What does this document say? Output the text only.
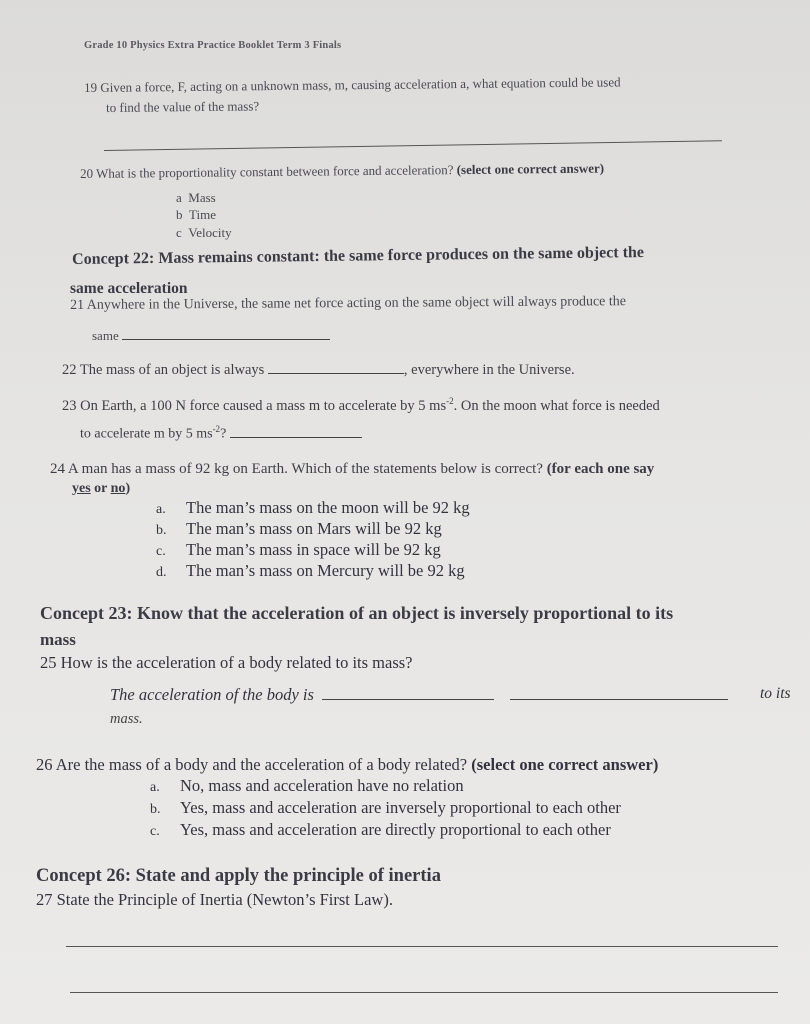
Grade 10 Physics Extra Practice Booklet Term 3 Finals
19 Given a force, F, acting on a unknown mass, m, causing acceleration a, what equation could be used
to find the value of the mass?
20 What is the proportionality constant between force and acceleration? (select one correct answer)
a Mass
b Time
c Velocity
Concept 22: Mass remains constant: the same force produces on the same object the
same acceleration
21 Anywhere in the Universe, the same net force acting on the same object will always produce the
same
22 The mass of an object is always	, everywhere in the Universe.
23 On Earth, a 100 N force caused a mass m to accelerate by 5 $ms^{-2}$. On the moon what force is needed
to accelerate m by 5 $ms^{-2}$?
24 A man has a mass of 92 kg on Earth. Which of the statements below is correct? (for each one say
yes or no)
a. The man’s mass on the moon will be 92 kg
b. The man’s mass on Mars will be 92 kg
c. The man’s mass in space will be 92 kg
d. The man’s mass on Mercury will be 92 kg
Concept 23: Know that the acceleration of an object is inversely proportional to its
mass
25 How is the acceleration of a body related to its mass?
The acceleration of the body is	to its
mass.
26 Are the mass of a body and the acceleration of a body related? (select one correct answer)
a. No, mass and acceleration have no relation
b. Yes, mass and acceleration are inversely proportional to each other
c. Yes, mass and acceleration are directly proportional to each other
Concept 26: State and apply the principle of inertia
27 State the Principle of Inertia (Newton’s First Law).
